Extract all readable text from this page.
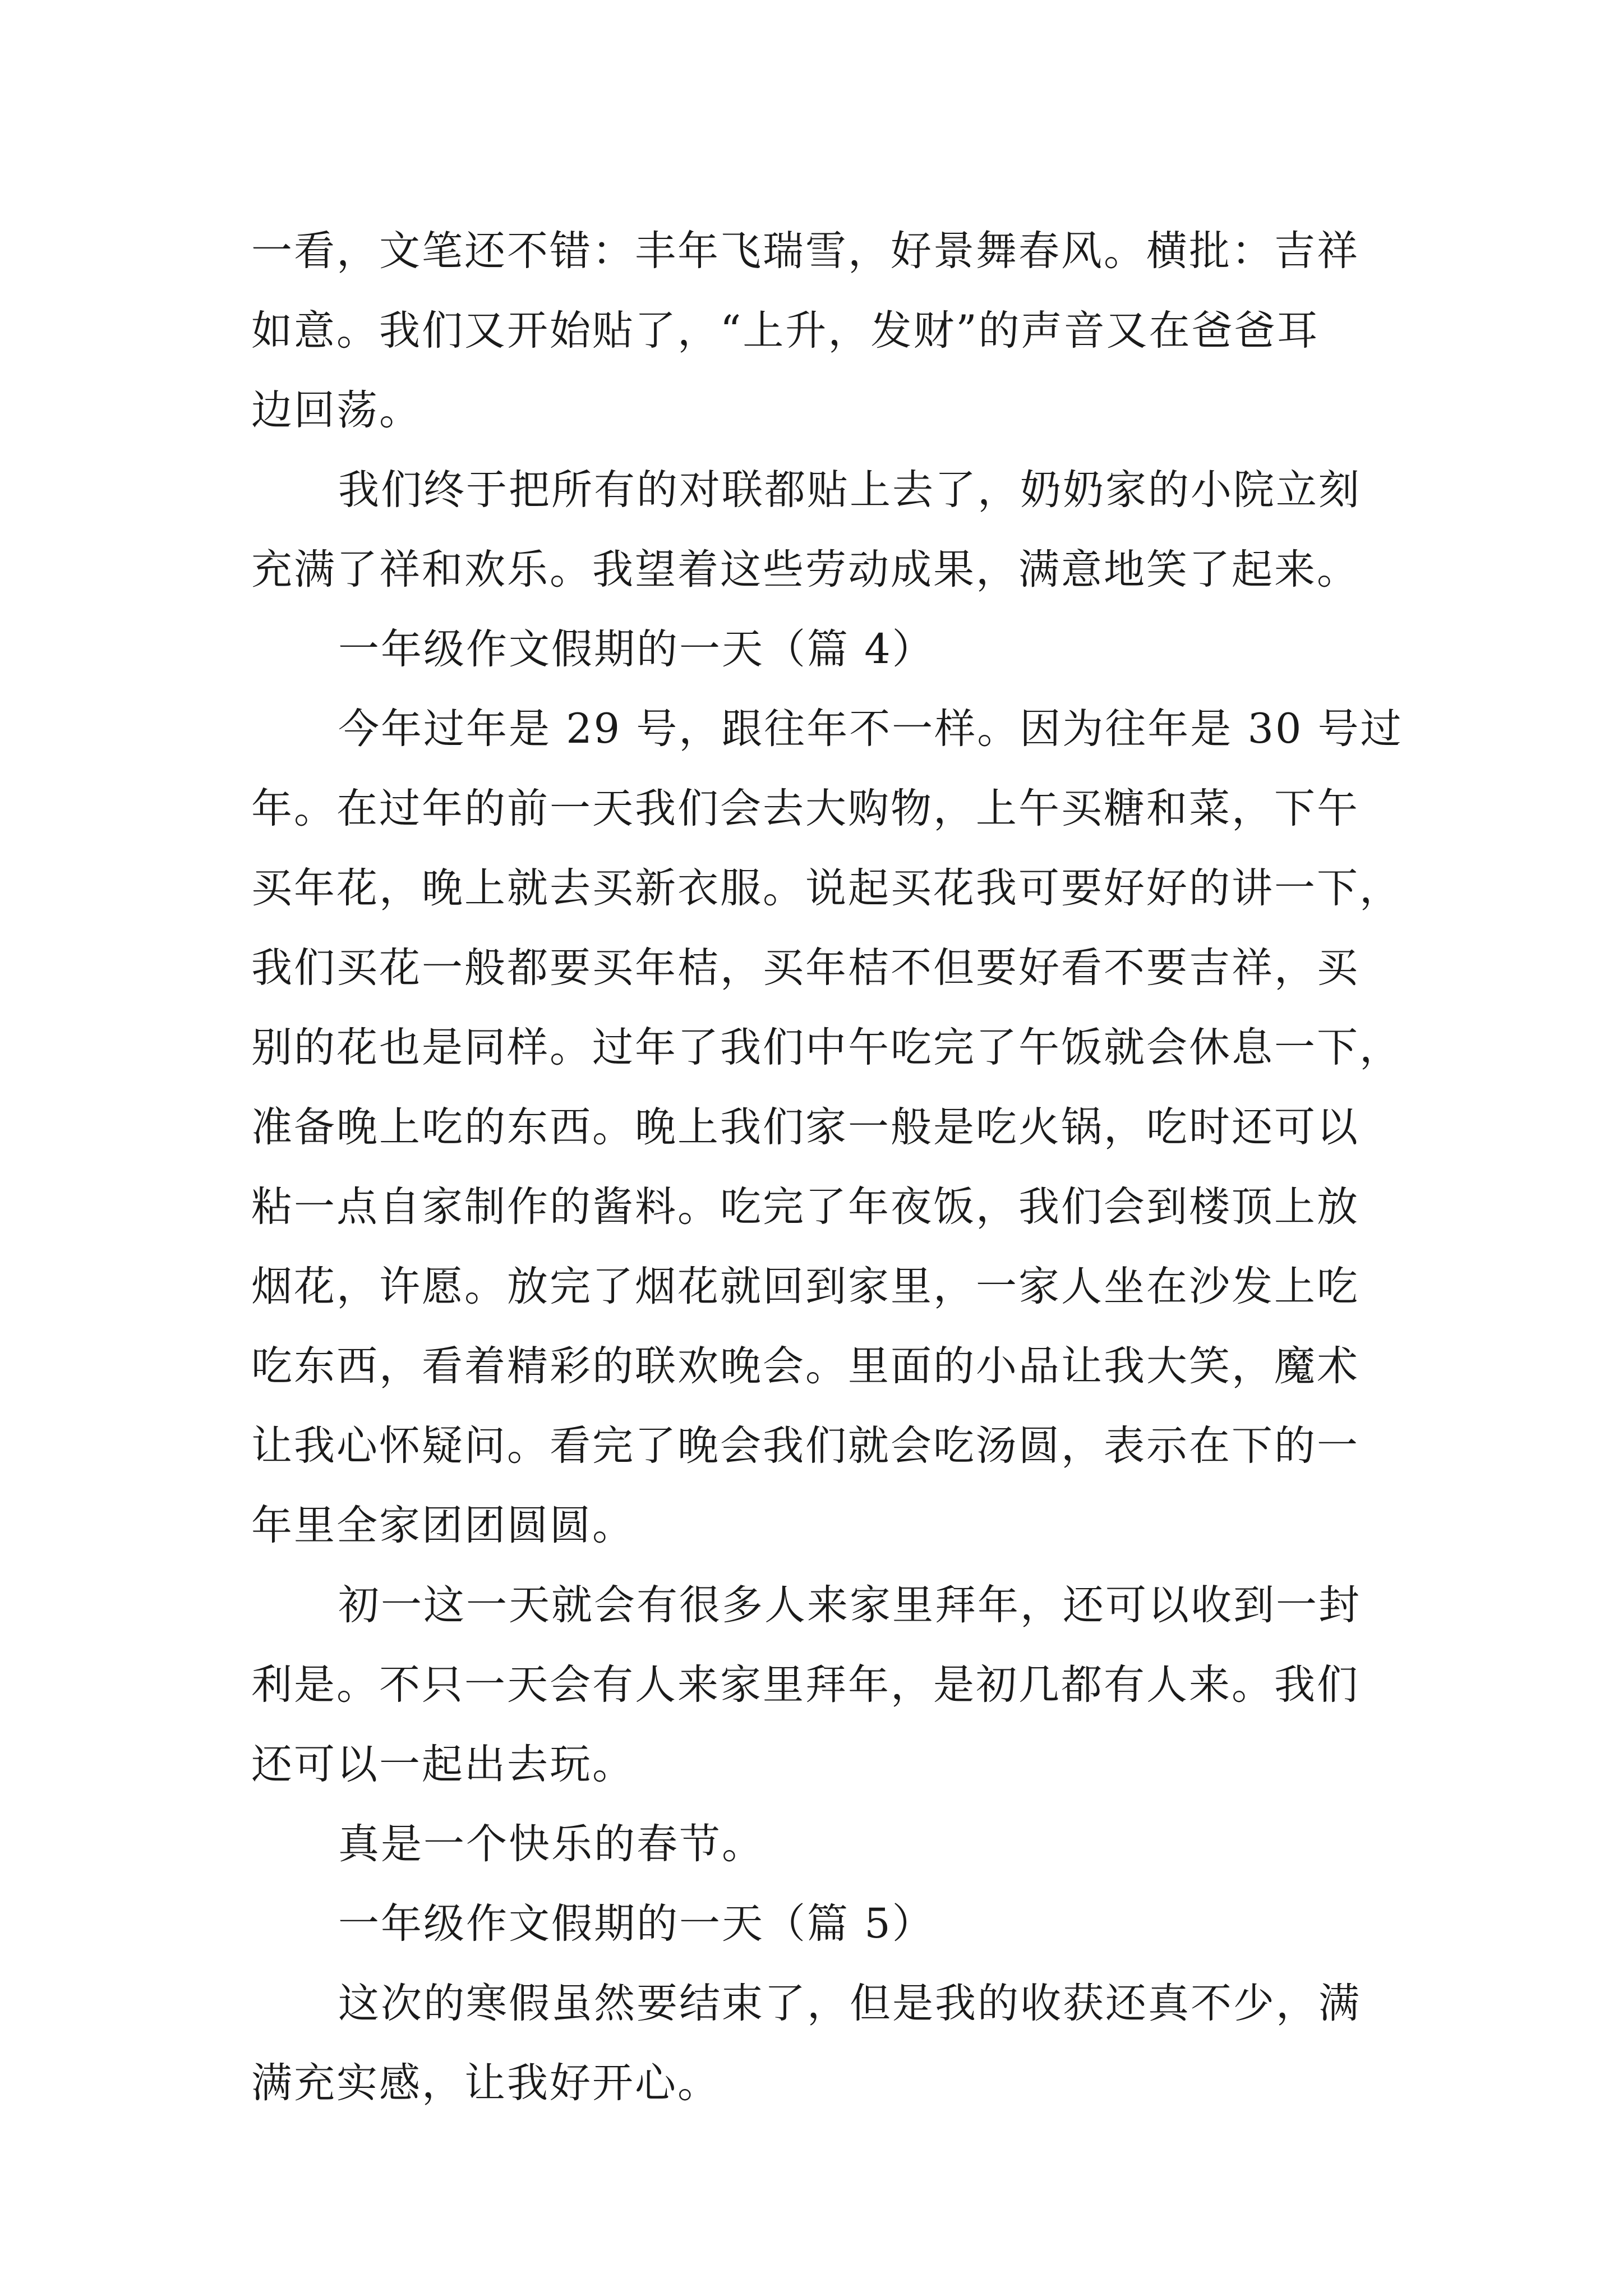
一看，文笔还不错：丰年飞瑞雪，好景舞春风。横批：吉祥
如意。我们又开始贴了，“上升，发财”的声音又在爸爸耳
边回荡。
我们终于把所有的对联都贴上去了，奶奶家的小院立刻
充满了祥和欢乐。我望着这些劳动成果，满意地笑了起来。
一年级作文假期的一天（篇 4）
今年过年是 29 号，跟往年不一样。因为往年是 30 号过
年。在过年的前一天我们会去大购物，上午买糖和菜，下午
买年花，晚上就去买新衣服。说起买花我可要好好的讲一下，
我们买花一般都要买年桔，买年桔不但要好看不要吉祥，买
别的花也是同样。过年了我们中午吃完了午饭就会休息一下，
准备晚上吃的东西。晚上我们家一般是吃火锅，吃时还可以
粘一点自家制作的酱料。吃完了年夜饭，我们会到楼顶上放
烟花，许愿。放完了烟花就回到家里，一家人坐在沙发上吃
吃东西，看着精彩的联欢晚会。里面的小品让我大笑，魔术
让我心怀疑问。看完了晚会我们就会吃汤圆，表示在下的一
年里全家团团圆圆。
初一这一天就会有很多人来家里拜年，还可以收到一封
利是。不只一天会有人来家里拜年，是初几都有人来。我们
还可以一起出去玩。
真是一个快乐的春节。
一年级作文假期的一天（篇 5）
这次的寒假虽然要结束了，但是我的收获还真不少，满
满充实感，让我好开心。
